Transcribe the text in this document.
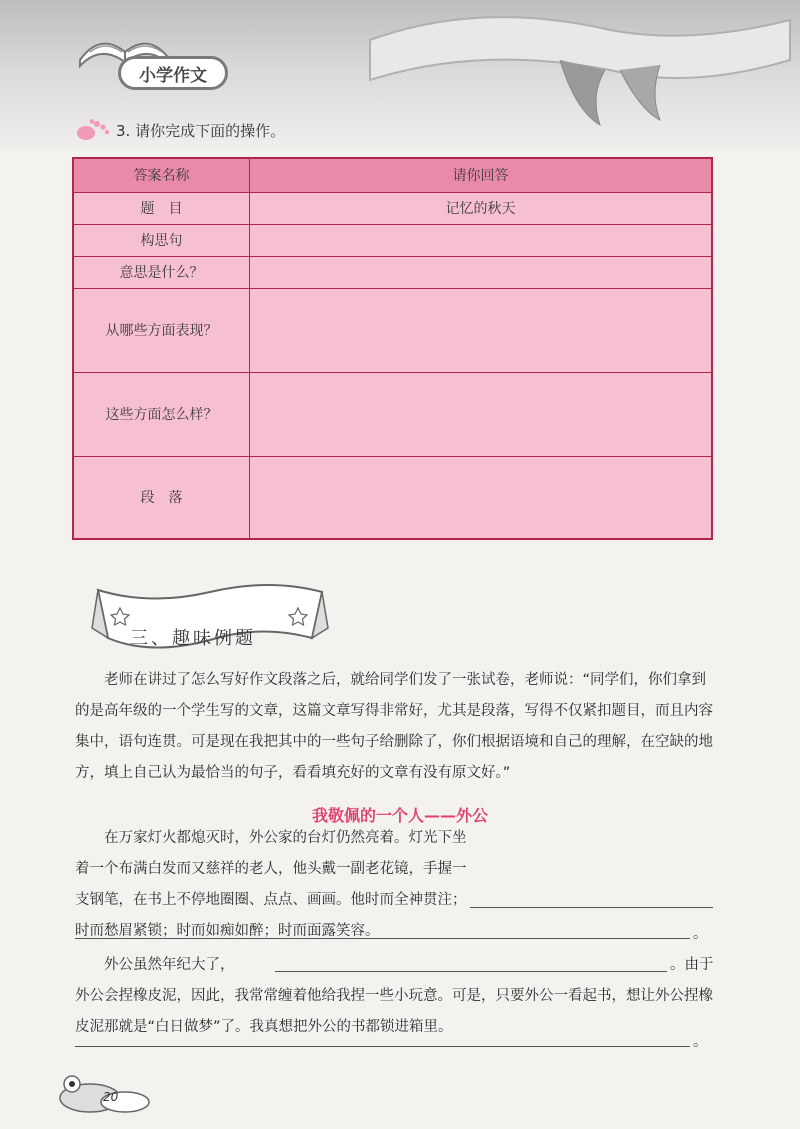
小学作文
3. 请你完成下面的操作。
答案名称	请你回答
题　目	记忆的秋天
构思句	
意思是什么？	
从哪些方面表现？	
这些方面怎么样？	
段　落	
三、趣味例题

老师在讲过了怎么写好作文段落之后，就给同学们发了一张试卷，老师说：“同学们，你们拿到的是高年级的一个学生写的文章，这篇文章写得非常好，尤其是段落，写得不仅紧扣题目，而且内容集中，语句连贯。可是现在我把其中的一些句子给删除了，你们根据语境和自己的理解，在空缺的地方，填上自己认为最恰当的句子，看看填充好的文章有没有原文好。”

我敬佩的一个人——外公

在万家灯火都熄灭时，外公家的台灯仍然亮着。灯光下坐着一个布满白发而又慈祥的老人，他头戴一副老花镜，手握一支钢笔，在书上不停地圈圈、点点、画画。他时而全神贯注；时而愁眉紧锁；时而如痴如醉；时而面露笑容。	。

外公虽然年纪大了，	。由于外公会捏橡皮泥，因此，我常常缠着他给我捏一些小玩意。可是，只要外公一看起书，想让外公捏橡皮泥那就是“白日做梦”了。我真想把外公的书都锁进箱里。

。
20
